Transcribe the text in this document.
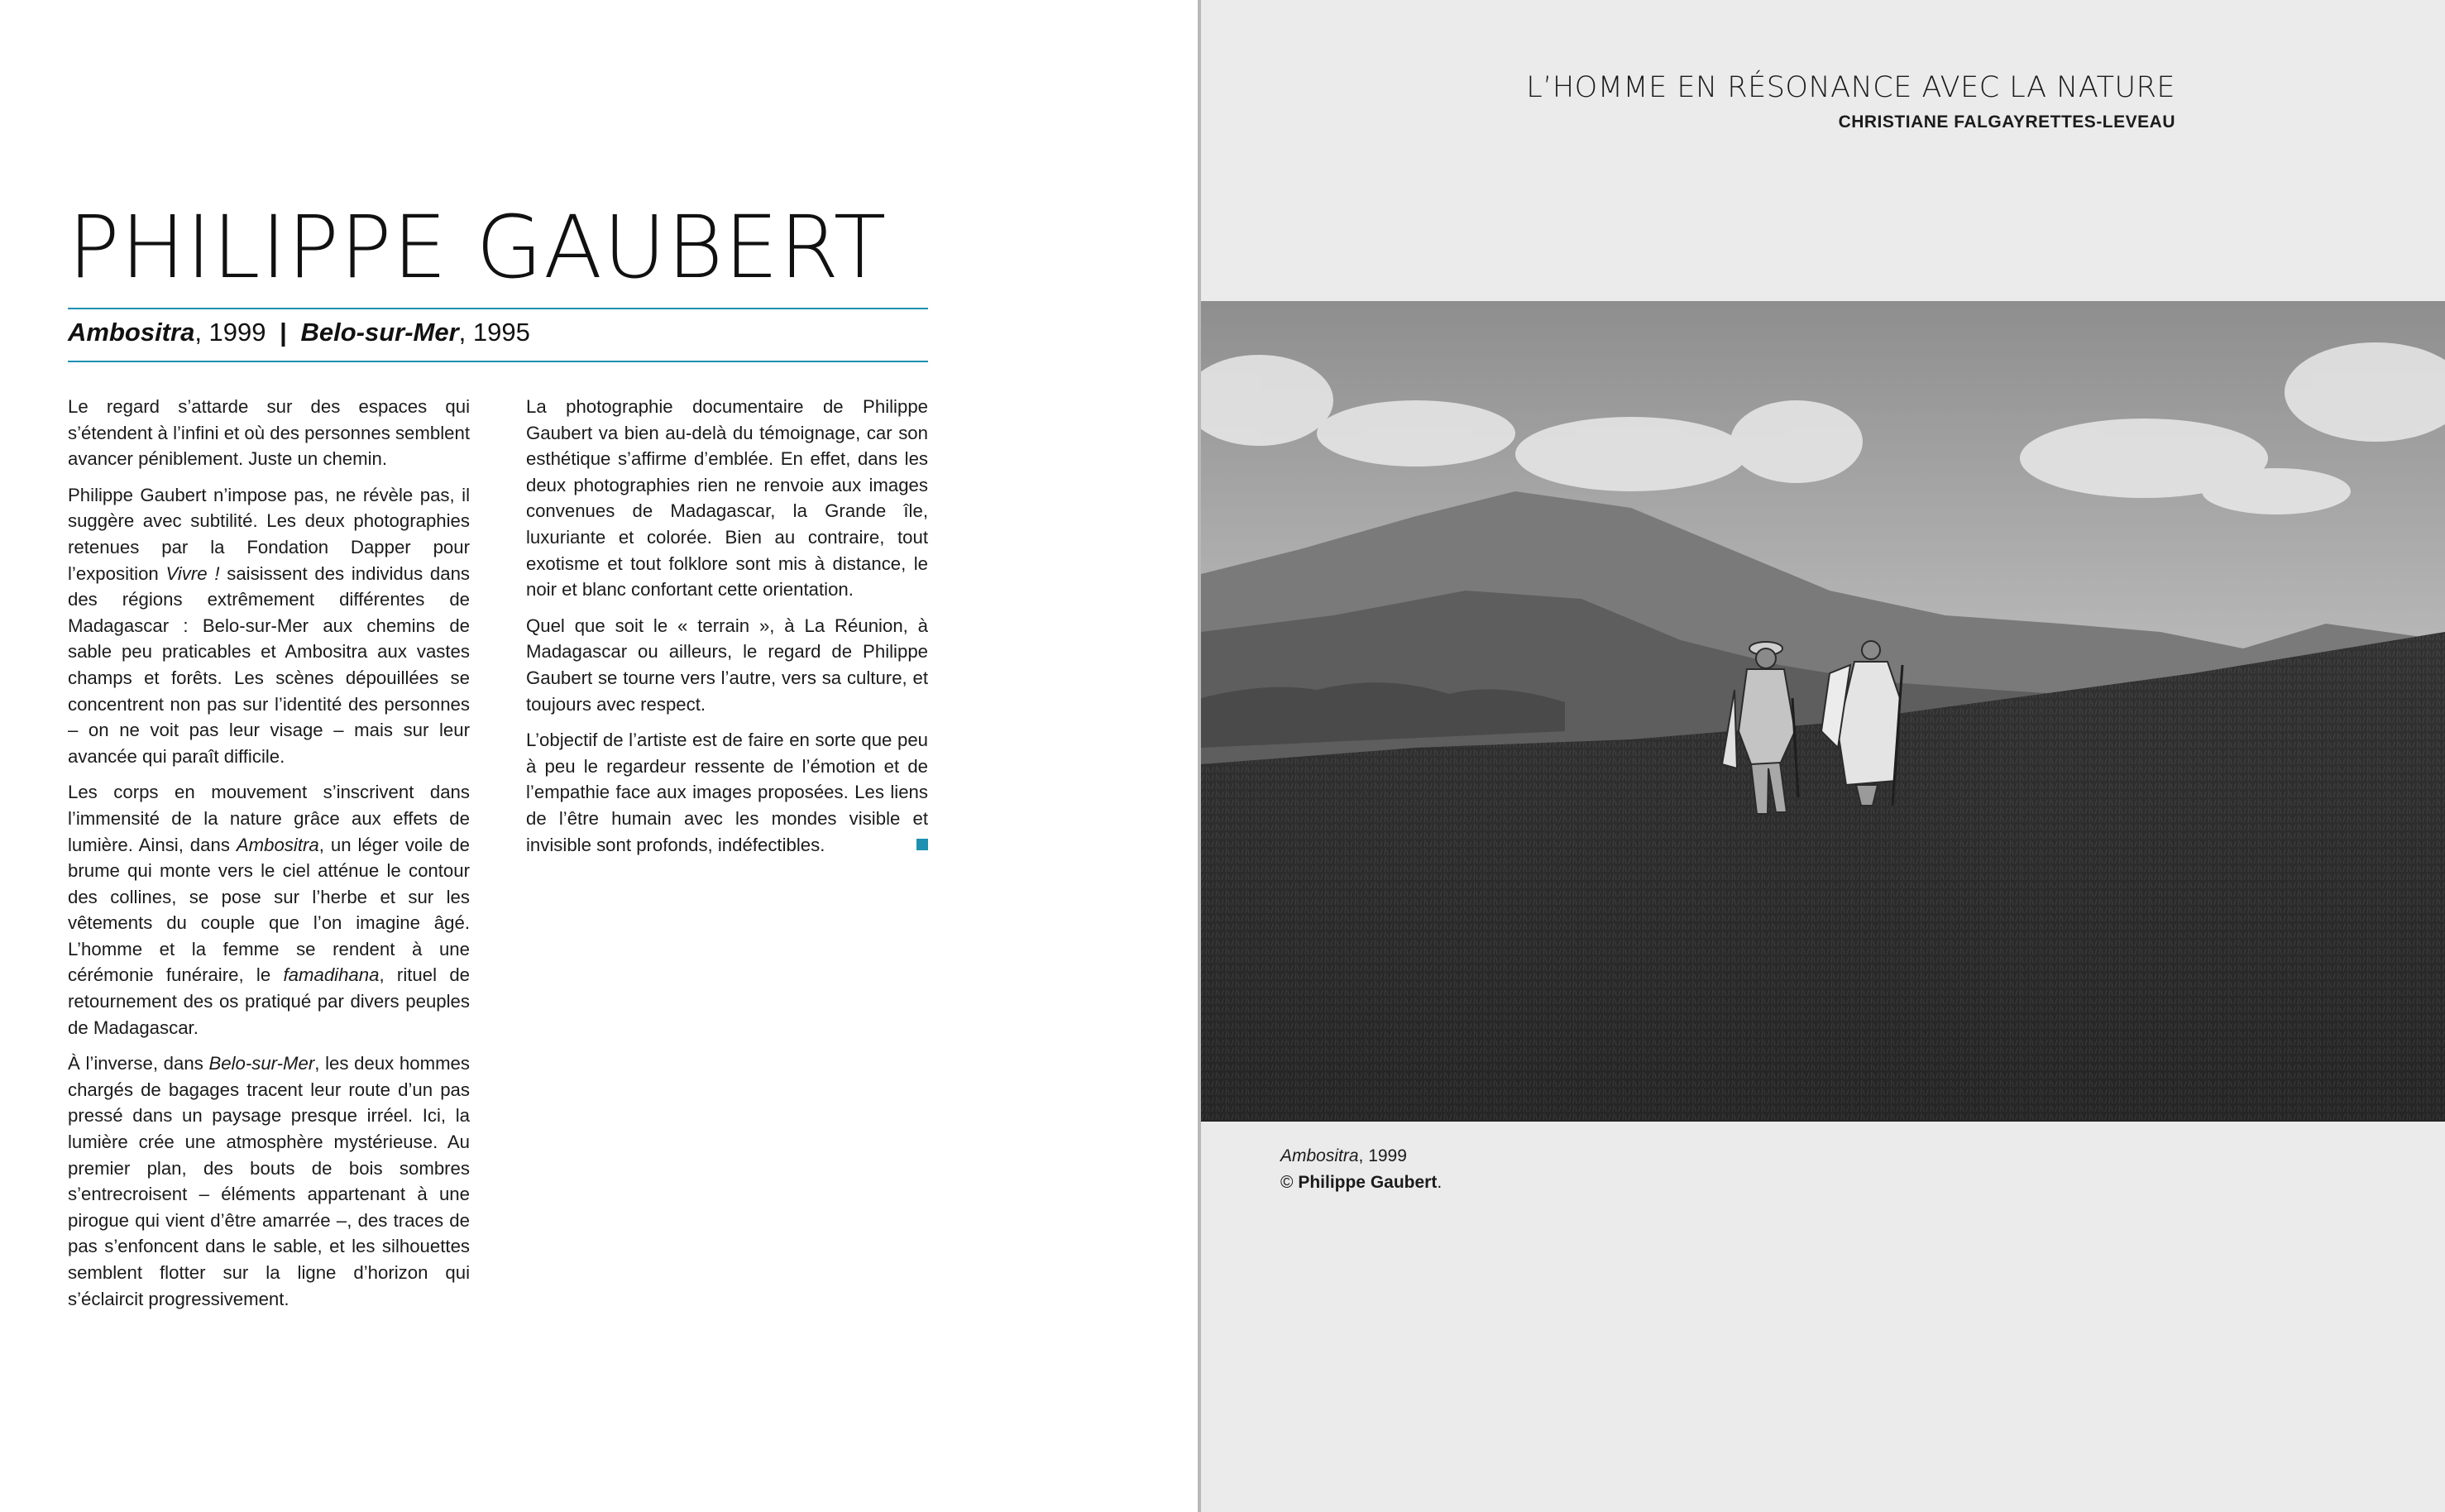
L’HOMME EN RÉSONANCE AVEC LA NATURE
CHRISTIANE FALGAYRETTES-LEVEAU
PHILIPPE GAUBERT
Ambositra, 1999 | Belo-sur-Mer, 1995

Le regard s’attarde sur des espaces qui s’étendent à l’infini et où des personnes semblent avancer péniblement. Juste un chemin.

Philippe Gaubert n’impose pas, ne révèle pas, il suggère avec subtilité. Les deux photographies retenues par la Fondation Dapper pour l’exposition Vivre ! saisissent des individus dans des régions extrêmement différentes de Madagascar : Belo-sur-Mer aux chemins de sable peu praticables et Ambositra aux vastes champs et forêts. Les scènes dépouillées se concentrent non pas sur l’identité des personnes – on ne voit pas leur visage – mais sur leur avancée qui paraît difficile.

Les corps en mouvement s’inscrivent dans l’immensité de la nature grâce aux effets de lumière. Ainsi, dans Ambositra, un léger voile de brume qui monte vers le ciel atténue le contour des collines, se pose sur l’herbe et sur les vêtements du couple que l’on imagine âgé. L’homme et la femme se rendent à une cérémonie funéraire, le famadihana, rituel de retournement des os pratiqué par divers peuples de Madagascar.

À l’inverse, dans Belo-sur-Mer, les deux hommes chargés de bagages tracent leur route d’un pas pressé dans un paysage presque irréel. Ici, la lumière crée une atmosphère mystérieuse. Au premier plan, des bouts de bois sombres s’entrecroisent – éléments appartenant à une pirogue qui vient d’être amarrée –, des traces de pas s’enfoncent dans le sable, et les silhouettes semblent flotter sur la ligne d’horizon qui s’éclaircit progressivement.

La photographie documentaire de Philippe Gaubert va bien au-delà du témoignage, car son esthétique s’affirme d’emblée. En effet, dans les deux photographies rien ne renvoie aux images convenues de Madagascar, la Grande île, luxuriante et colorée. Bien au contraire, tout exotisme et tout folklore sont mis à distance, le noir et blanc confortant cette orientation.

Quel que soit le « terrain », à La Réunion, à Madagascar ou ailleurs, le regard de Philippe Gaubert se tourne vers l’autre, vers sa culture, et toujours avec respect.

L’objectif de l’artiste est de faire en sorte que peu à peu le regardeur ressente de l’émotion et de l’empathie face aux images proposées. Les liens de l’être humain avec les mondes visible et invisible sont profonds, indéfectibles.

Ambositra, 1999
© Philippe Gaubert.
